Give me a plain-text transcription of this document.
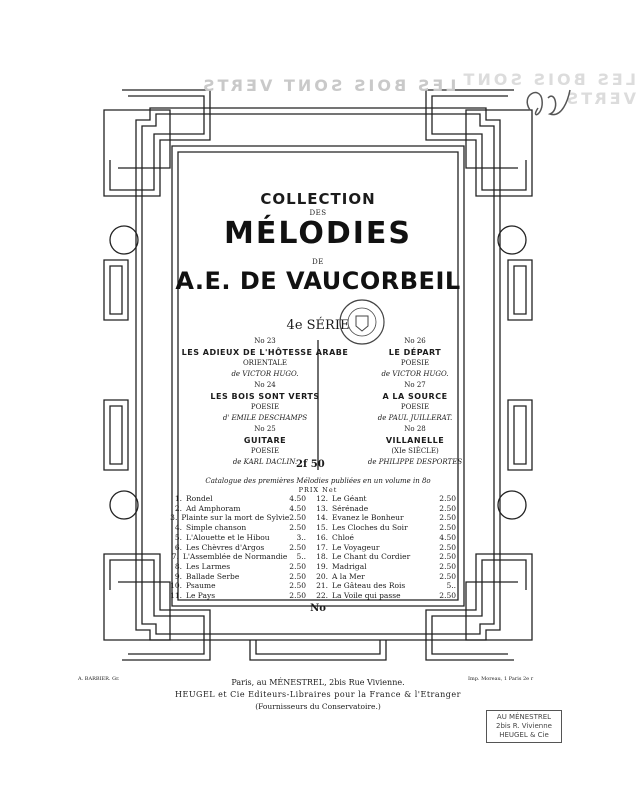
LES BOIS SONT VERTS
LES BOIS SONT VERTS
COLLECTION
DES
MÉLODIES
DE
A.E. DE VAUCORBEIL
4e SÉRIE
No 23
LES ADIEUX DE L'HÔTESSE ARABE
ORIENTALE
de VICTOR HUGO.
No 24
LES BOIS SONT VERTS
POESIE
d' EMILE DESCHAMPS
No 25
GUITARE
POESIE
de KARL DACLIN.
No 26
LE DÉPART
POESIE
de VICTOR HUGO.
No 27
A LA SOURCE
POESIE
de PAUL JUILLERAT.
No 28
VILLANELLE
(XIe SIÈCLE)
de PHILIPPE DESPORTES
2f 50
Catalogue des premières Mélodies publiées en un volume in 8o
PRIX Net
1. Rondel	4.50
2. Ad Amphoram	4.50
3. Plainte sur la mort de Sylvie 2.50
4. Simple chanson	2.50
5. L'Alouette et le Hibou	3..
6. Les Chèvres d'Argos	2.50
7. L'Assemblée de Normandie	5..
8. Les Larmes	2.50
9. Ballade Serbe	2.50
10. Psaume	2.50
11. Le Pays	2.50
12. Le Géant	2.50
13. Sérénade	2.50
14. Evanez le Bonheur	2.50
15. Les Cloches du Soir	2.50
16. Chloé	4.50
17. Le Voyageur	2.50
18. Le Chant du Cordier	2.50
19. Madrigal	2.50
20. A la Mer	2.50
21. Le Gâteau des Rois	5..
22. La Voile qui passe	2.50
No
A. BARBIER. Gr.	Imp. Moreau, 1 Paris 2e r
Paris, au MÉNESTREL, 2bis Rue Vivienne.
HEUGEL et Cie Editeurs-Libraires pour la France & l'Etranger
(Fournisseurs du Conservatoire.)
AU MÉNESTREL
2bis R. Vivienne
HEUGEL & Cie
